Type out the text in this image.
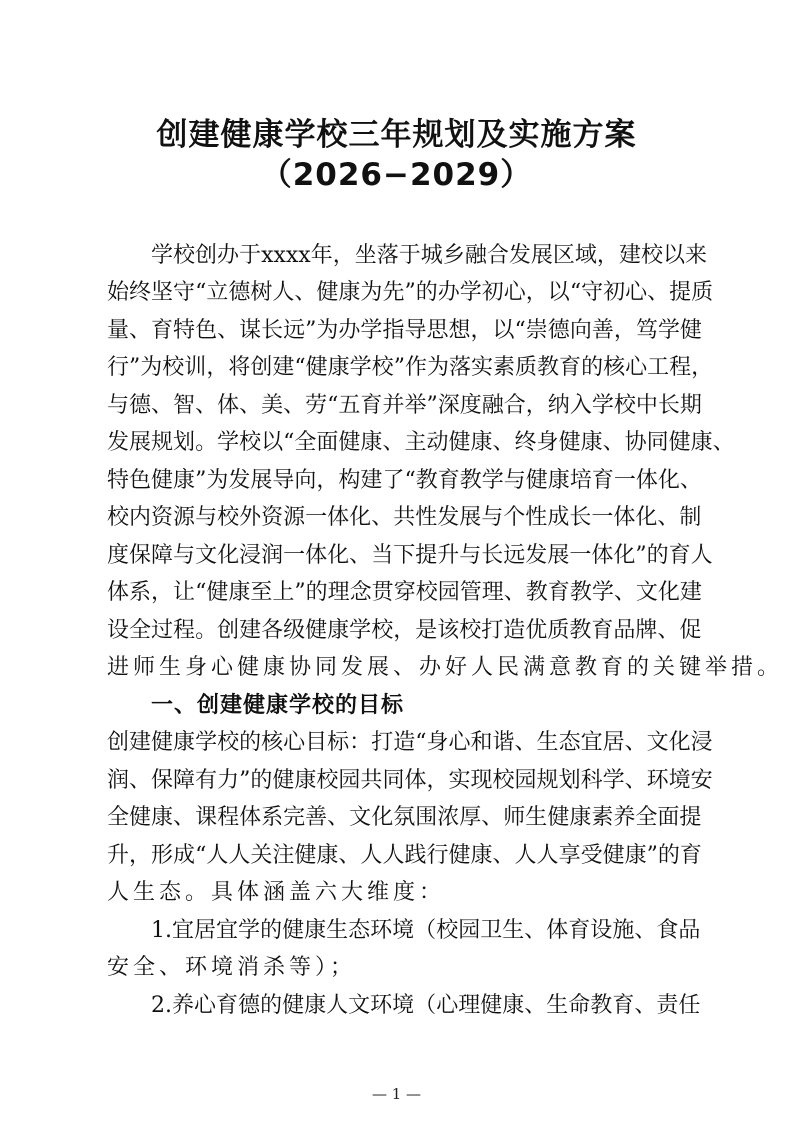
创建健康学校三年规划及实施方案
（2026−2029）
学 校 创 办 于 xxxx 年 ， 坐 落 于 城 乡 融 合 发 展 区 域 ， 建 校 以 来
始 终 坚 守 “ 立 德 树 人 、 健 康 为 先 ” 的 办 学 初 心 ， 以 “ 守 初 心 、 提 质
量 、 育 特 色 、 谋 长 远 ” 为 办 学 指 导 思 想 ， 以 “ 崇 德 向 善 ， 笃 学 健
行 ” 为 校 训 ， 将 创 建 “ 健 康 学 校 ” 作 为 落 实 素 质 教 育 的 核 心 工 程 ，
与 德 、 智 、 体 、 美 、 劳 “ 五 育 并 举 ” 深 度 融 合 ， 纳 入 学 校 中 长 期
发 展 规 划 。 学 校 以 “ 全 面 健 康 、 主 动 健 康 、 终 身 健 康 、 协 同 健 康 、
特 色 健 康 ” 为 发 展 导 向 ， 构 建 了 “ 教 育 教 学 与 健 康 培 育 一 体 化 、
校 内 资 源 与 校 外 资 源 一 体 化 、 共 性 发 展 与 个 性 成 长 一 体 化 、 制
度 保 障 与 文 化 浸 润 一 体 化 、 当 下 提 升 与 长 远 发 展 一 体 化 ” 的 育 人
体 系 ， 让 “ 健 康 至 上 ” 的 理 念 贯 穿 校 园 管 理 、 教 育 教 学 、 文 化 建
设 全 过 程 。 创 建 各 级 健 康 学 校 ， 是 该 校 打 造 优 质 教 育 品 牌 、 促
进师生身心健康协同发展、办好人民满意教育的关键举措。
一、创建健康学校的目标
创 建 健 康 学 校 的 核 心 目 标 ： 打 造 “ 身 心 和 谐 、 生 态 宜 居 、 文 化 浸
润 、 保 障 有 力 ” 的 健 康 校 园 共 同 体 ， 实 现 校 园 规 划 科 学 、 环 境 安
全 健 康 、 课 程 体 系 完 善 、 文 化 氛 围 浓 厚 、 师 生 健 康 素 养 全 面 提
升 ， 形 成 “ 人 人 关 注 健 康 、 人 人 践 行 健 康 、 人 人 享 受 健 康 ” 的 育
人生态。具体涵盖六大维度：
1. 宜 居 宜 学 的 健 康 生 态 环 境 （ 校 园 卫 生 、 体 育 设 施 、 食 品
安全、环境消杀等）；
2. 养 心 育 德 的 健 康 人 文 环 境 （ 心 理 健 康 、 生 命 教 育 、 责 任
— 1 —
